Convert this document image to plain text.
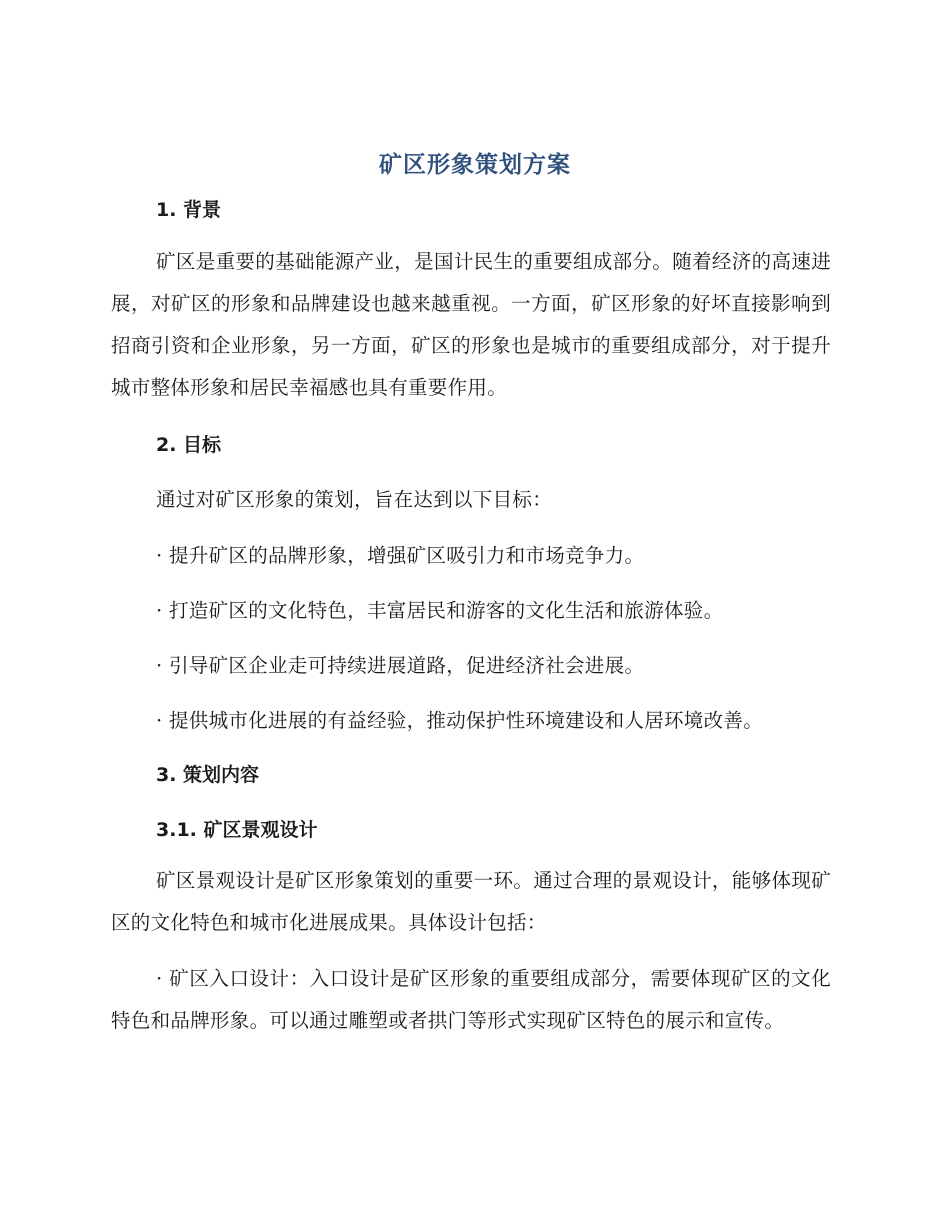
矿区形象策划方案
1. 背景
矿区是重要的基础能源产业，是国计民生的重要组成部分。随着经济的高速进展，对矿区的形象和品牌建设也越来越重视。一方面，矿区形象的好坏直接影响到招商引资和企业形象，另一方面，矿区的形象也是城市的重要组成部分，对于提升城市整体形象和居民幸福感也具有重要作用。
2. 目标
通过对矿区形象的策划，旨在达到以下目标：
· 提升矿区的品牌形象，增强矿区吸引力和市场竞争力。
· 打造矿区的文化特色，丰富居民和游客的文化生活和旅游体验。
· 引导矿区企业走可持续进展道路，促进经济社会进展。
· 提供城市化进展的有益经验，推动保护性环境建设和人居环境改善。
3. 策划内容
3.1. 矿区景观设计
矿区景观设计是矿区形象策划的重要一环。通过合理的景观设计，能够体现矿区的文化特色和城市化进展成果。具体设计包括：
· 矿区入口设计：入口设计是矿区形象的重要组成部分，需要体现矿区的文化特色和品牌形象。可以通过雕塑或者拱门等形式实现矿区特色的展示和宣传。
